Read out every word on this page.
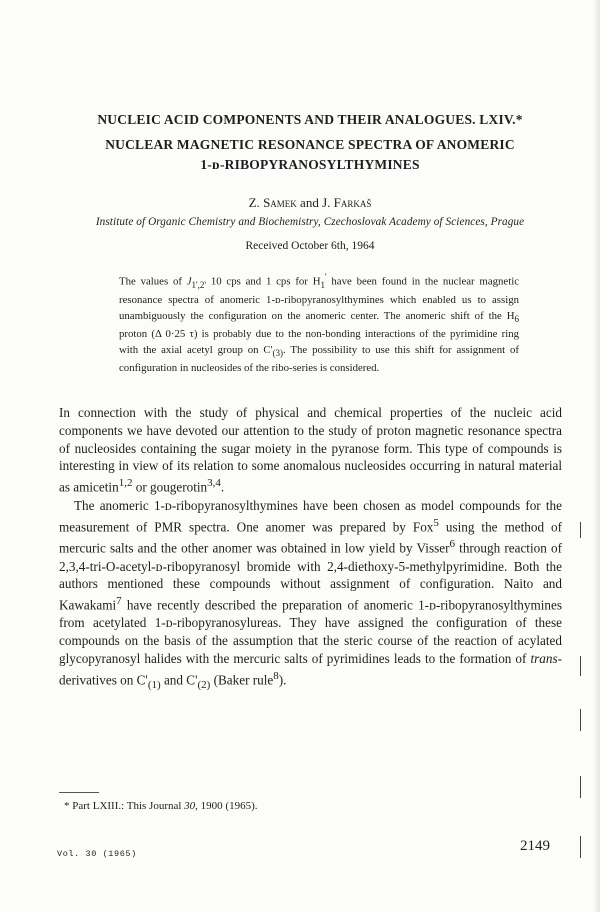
NUCLEIC ACID COMPONENTS AND THEIR ANALOGUES. LXIV.*
NUCLEAR MAGNETIC RESONANCE SPECTRA OF ANOMERIC
1-ᴅ-RIBOPYRANOSYLTHYMINES
Z. Samek and J. Farkaš
Institute of Organic Chemistry and Biochemistry, Czechoslovak Academy of Sciences, Prague
Received October 6th, 1964
The values of $J_{1',2'}$ 10 cps and 1 cps for $H_1'$ have been found in the nuclear magnetic resonance spectra of anomeric 1-ᴅ-ribopyranosylthymines which enabled us to assign unambiguously the configuration on the anomeric center. The anomeric shift of the $H_6$ proton (Δ 0·25 τ) is probably due to the non-bonding interactions of the pyrimidine ring with the axial acetyl group on $C'_{(3)}$. The possibility to use this shift for assignment of configuration in nucleosides of the ribo-series is considered.

In connection with the study of physical and chemical properties of the nucleic acid components we have devoted our attention to the study of proton magnetic resonance spectra of nucleosides containing the sugar moiety in the pyranose form. This type of compounds is interesting in view of its relation to some anomalous nucleosides occurring in natural material as amicetin$^{1,2}$ or gougerotin$^{3,4}$.

The anomeric 1-ᴅ-ribopyranosylthymines have been chosen as model compounds for the measurement of PMR spectra. One anomer was prepared by Fox$^5$ using the method of mercuric salts and the other anomer was obtained in low yield by Visser$^6$ through reaction of 2,3,4-tri-O-acetyl-ᴅ-ribopyranosyl bromide with 2,4-diethoxy-5-methylpyrimidine. Both the authors mentioned these compounds without assignment of configuration. Naito and Kawakami$^7$ have recently described the preparation of anomeric 1-ᴅ-ribopyranosylthymines from acetylated 1-ᴅ-ribopyranosylureas. They have assigned the configuration of these compounds on the basis of the assumption that the steric course of the reaction of acylated glycopyranosyl halides with the mercuric salts of pyrimidines leads to the formation of trans-derivatives on $C'_{(1)}$ and $C'_{(2)}$ (Baker rule$^8$).

* Part LXIII.: This Journal 30, 1900 (1965).
Vol. 30 (1965)	2149
